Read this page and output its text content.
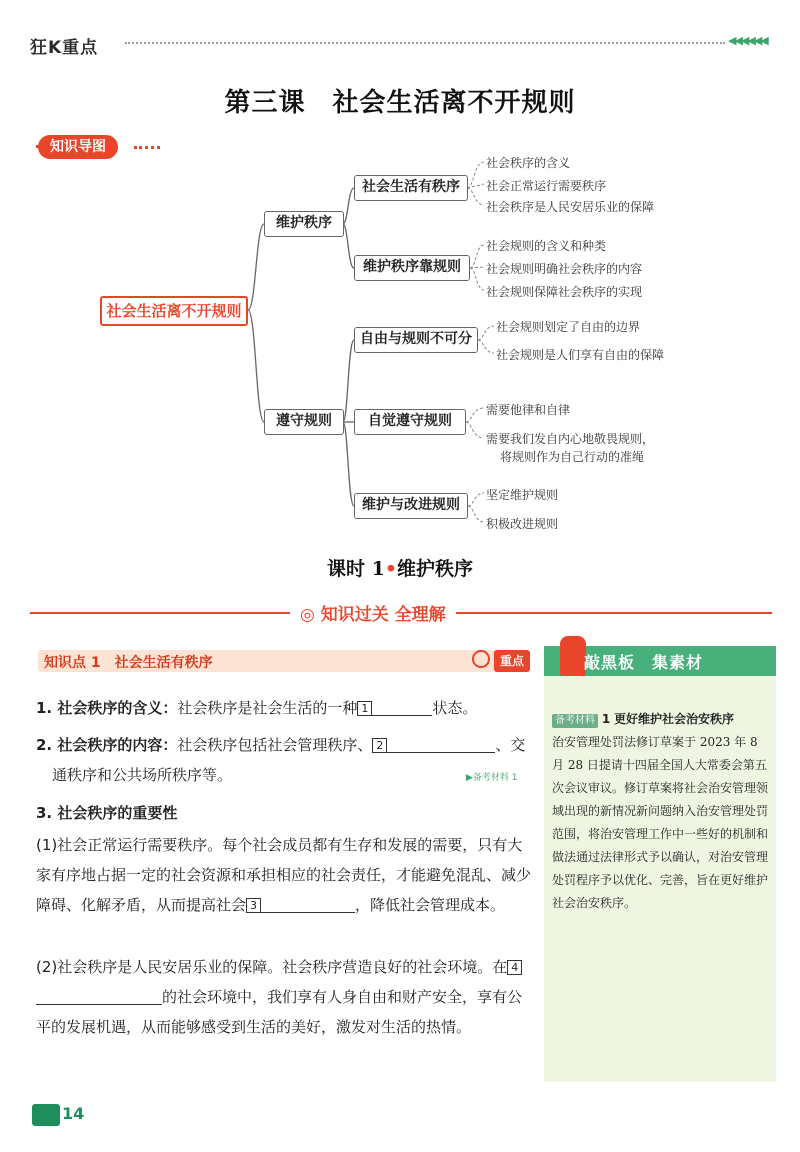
狂K重点	◀◀◀◀◀◀
第三课　社会生活离不开规则
知识导图
社会生活离不开规则
维护秩序
遵守规则
社会生活有秩序
维护秩序靠规则
自由与规则不可分
自觉遵守规则
维护与改进规则
社会秩序的含义
社会正常运行需要秩序
社会秩序是人民安居乐业的保障
社会规则的含义和种类
社会规则明确社会秩序的内容
社会规则保障社会秩序的实现
社会规则划定了自由的边界
社会规则是人们享有自由的保障
需要他律和自律
需要我们发自内心地敬畏规则，
将规则作为自己行动的准绳
坚定维护规则
积极改进规则
课时 1•维护秩序
◎ 知识过关 全理解
知识点 1　社会生活有秩序	重点
1. 社会秩序的含义：社会秩序是社会生活的一种 1	状态。
2. 社会秩序的内容：社会秩序包括社会管理秩序、 2	、交
通秩序和公共场所秩序等。	▶备考材料 1
3. 社会秩序的重要性
(1)社会正常运行需要秩序。每个社会成员都有生存和发展的需要，只有大家有序地占据一定的社会资源和承担相应的社会责任，才能避免混乱、减少障碍、化解矛盾，从而提高社会 3	，降低社会管理成本。
(2)社会秩序是人民安居乐业的保障。社会秩序营造良好的社会环境。在 4的社会环境中，我们享有人身自由和财产安全，享有公平的发展机遇，从而能够感受到生活的美好，激发对生活的热情。
敲黑板　集素材
备考材料 1 更好维护社会治安秩序
治安管理处罚法修订草案于 2023 年 8 月 28 日提请十四届全国人大常委会第五次会议审议。修订草案将社会治安管理领域出现的新情况新问题纳入治安管理处罚范围，将治安管理工作中一些好的机制和做法通过法律形式予以确认，对治安管理处罚程序予以优化、完善，旨在更好维护社会治安秩序。
14
